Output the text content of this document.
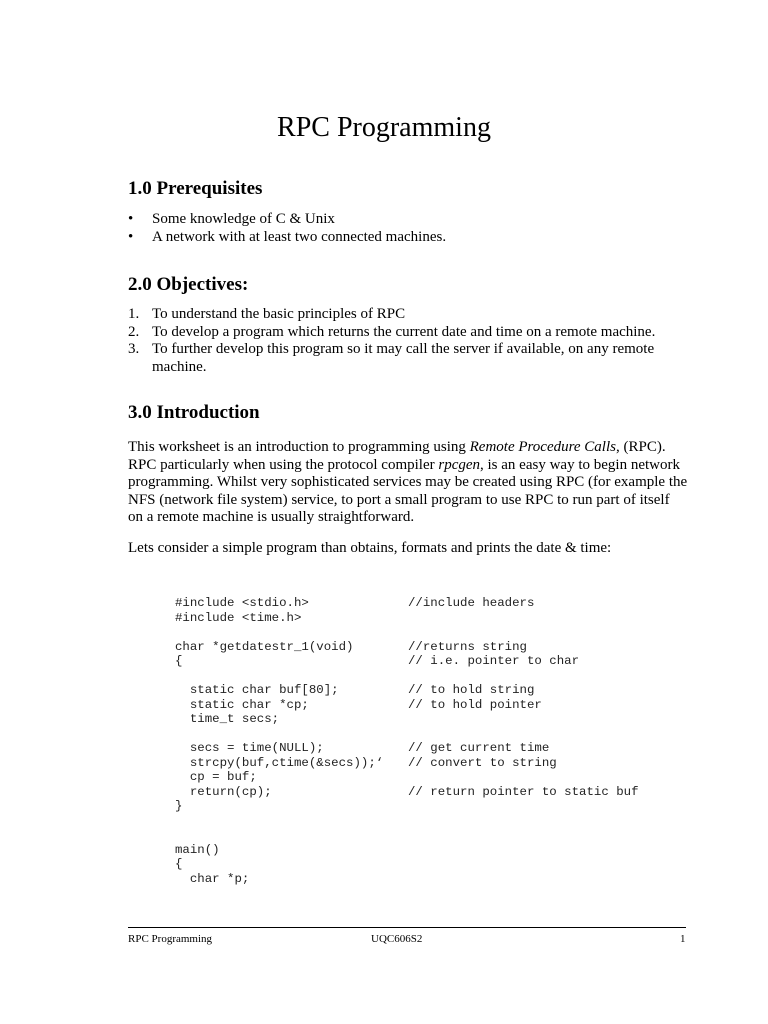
RPC Programming
1.0 Prerequisites
• Some knowledge of C & Unix
• A network with at least two connected machines.
2.0 Objectives:
1. To understand the basic principles of RPC
2. To develop a program which returns the current date and time on a remote machine.
3. To further develop this program so it may call the server if available, on any remote machine.
3.0 Introduction

This worksheet is an introduction to programming using Remote Procedure Calls, (RPC). RPC particularly when using the protocol compiler rpcgen, is an easy way to begin network programming. Whilst very sophisticated services may be created using RPC (for example the NFS (network file system) service, to port a small program to use RPC to run part of itself on a remote machine is usually straightforward.

Lets consider a simple program than obtains, formats and prints the date & time:

#include <stdio.h>	//include headers
#include <time.h>
char *getdatestr_1(void)	//returns string
{	// i.e. pointer to char
static char buf[80];	// to hold string
static char *cp;	// to hold pointer
time_t secs;
secs = time(NULL);	// get current time
strcpy(buf,ctime(&secs));‘ // convert to string
cp = buf;
return(cp);	// return pointer to static buf
}
main()
{
char *p;
RPC Programming	UQC606S2	1
